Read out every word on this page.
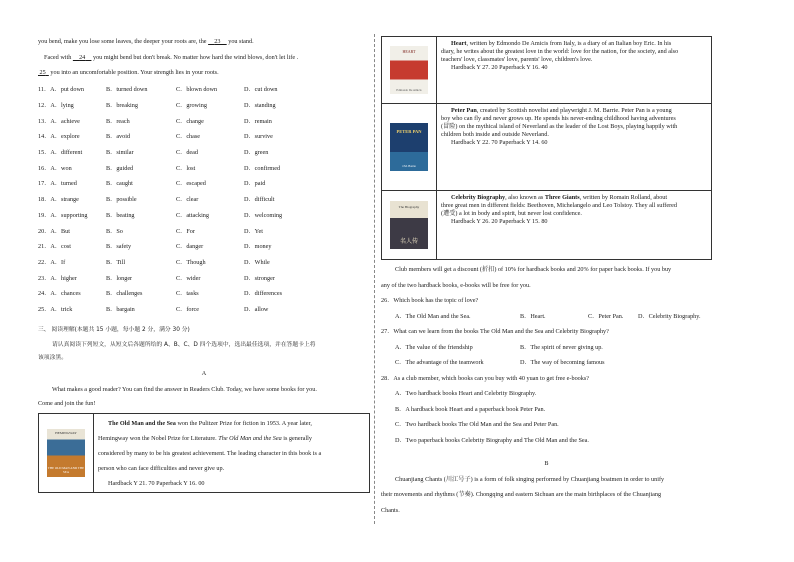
you bend, make you lose some leaves, the deeper your roots are, the     23     you stand.
Faced with     24     you might bend but don't break. No matter how hard the wind blows, don't let life .
25   you into an uncomfortable position. Your strength lies in your roots.
11．A．put down	B．turned down	C．blown down	D．cut down
12．A．lying	B．breaking	C．growing	D．standing
13．A．achieve	B．reach	C．change	D．remain
14．A．explore	B．avoid	C．chase	D．survive
15．A．different	B．similar	C．dead	D．green
16．A．won	B．guided	C．lost	D．confirmed
17．A．turned	B．caught	C．escaped	D．paid
18．A．strange	B．possible	C．clear	D．difficult
19．A．supporting	B．beating	C．attacking	D．welcoming
20．A．But	B．So	C．For	D．Yet
21．A．cost	B．safety	C．danger	D．money
22．A．If	B．Till	C．Though	D．While
23．A．higher	B．longer	C．wider	D．stronger
24．A．chances	B．challenges	C．tasks	D．differences
25．A．trick	B．bargain	C．force	D．allow
三、 阅读理解(本题共 15 小题，每小题 2 分，满分 30 分)
请认真阅读下列短文，从短文后各题所给的 A、B、C、D 四个选项中，选出最佳选项，并在答题卡上将
该项涂黑。
A
What makes a good reader? You can find the answer in Readers Club. Today, we have some books for you.
Come and join the fun!
HEMINGWAY
THE OLD MAN AND THE SEA
The Old Man and the Sea won the Pulitzer Prize for fiction in 1953. A year later,
Hemingway won the Nobel Prize for Literature. The Old Man and the Sea is generally
considered by many to be his greatest achievement. The leading character in this book is a
person who can face difficulties and never give up.
Hardback Y 21. 70 Paperback Y 16. 00
HEART
Edmondo De Amicis
Heart, written by Edmondo De Amicis from Italy, is a diary of an Italian boy Eric. In his
diary, he writes about the greatest love in the world: love for the nation, for the society, and also
teachers' love, classmates' love, parents' love, children's love.
Hardback Y 27. 20 Paperback Y 16. 40
PETER PAN
J.M. Barrie
Peter Pan, created by Scottish novelist and playwright J. M. Barrie. Peter Pan is a young
boy who can fly and never grows up. He spends his never-ending childhood having adventures
(冒险) on the mythical island of Neverland as the leader of the Lost Boys, playing happily with
children both inside and outside Neverland.
Hardback Y 22. 70 Paperback Y 14. 60
The Biography
名人传
Celebrity Biography, also known as Three Giants, written by Romain Rolland, about
three great men in different fields: Beethoven, Michelangelo and Leo Tolstoy. They all suffered
(遭受) a lot in body and spirit, but never lost confidence.
Hardback Y 26. 20 Paperback Y 15. 80
Club members will get a discount (折扣) of 10% for hardback books and 20% for paper back books. If you buy
any of the two hardback books, e-books will be free for you.
26．Which book has the topic of love?
A．The Old Man and the Sea.	B．Heart.	C．Peter Pan.	D．Celebrity Biography.
27．What can we learn from the books The Old Man and the Sea and Celebrity Biography?
A．The value of the friendship	B．The spirit of never giving up.
C．The advantage of the teamwork	D．The way of becoming famous
28．As a club member, which books can you buy with 40 yuan to get free e-books?
A．Two hardback books Heart and Celebrity Biography.
B．A hardback book Heart and a paperback book Peter Pan.
C．Two hardback books The Old Man and the Sea and Peter Pan.
D．Two paperback books Celebrity Biography and The Old Man and the Sea.
B
Chuanjiang Chants (川江号子) is a form of folk singing performed by Chuanjiang boatmen in order to unify
their movements and rhythms (节奏). Chongqing and eastern Sichuan are the main birthplaces of the Chuanjiang
Chants.
